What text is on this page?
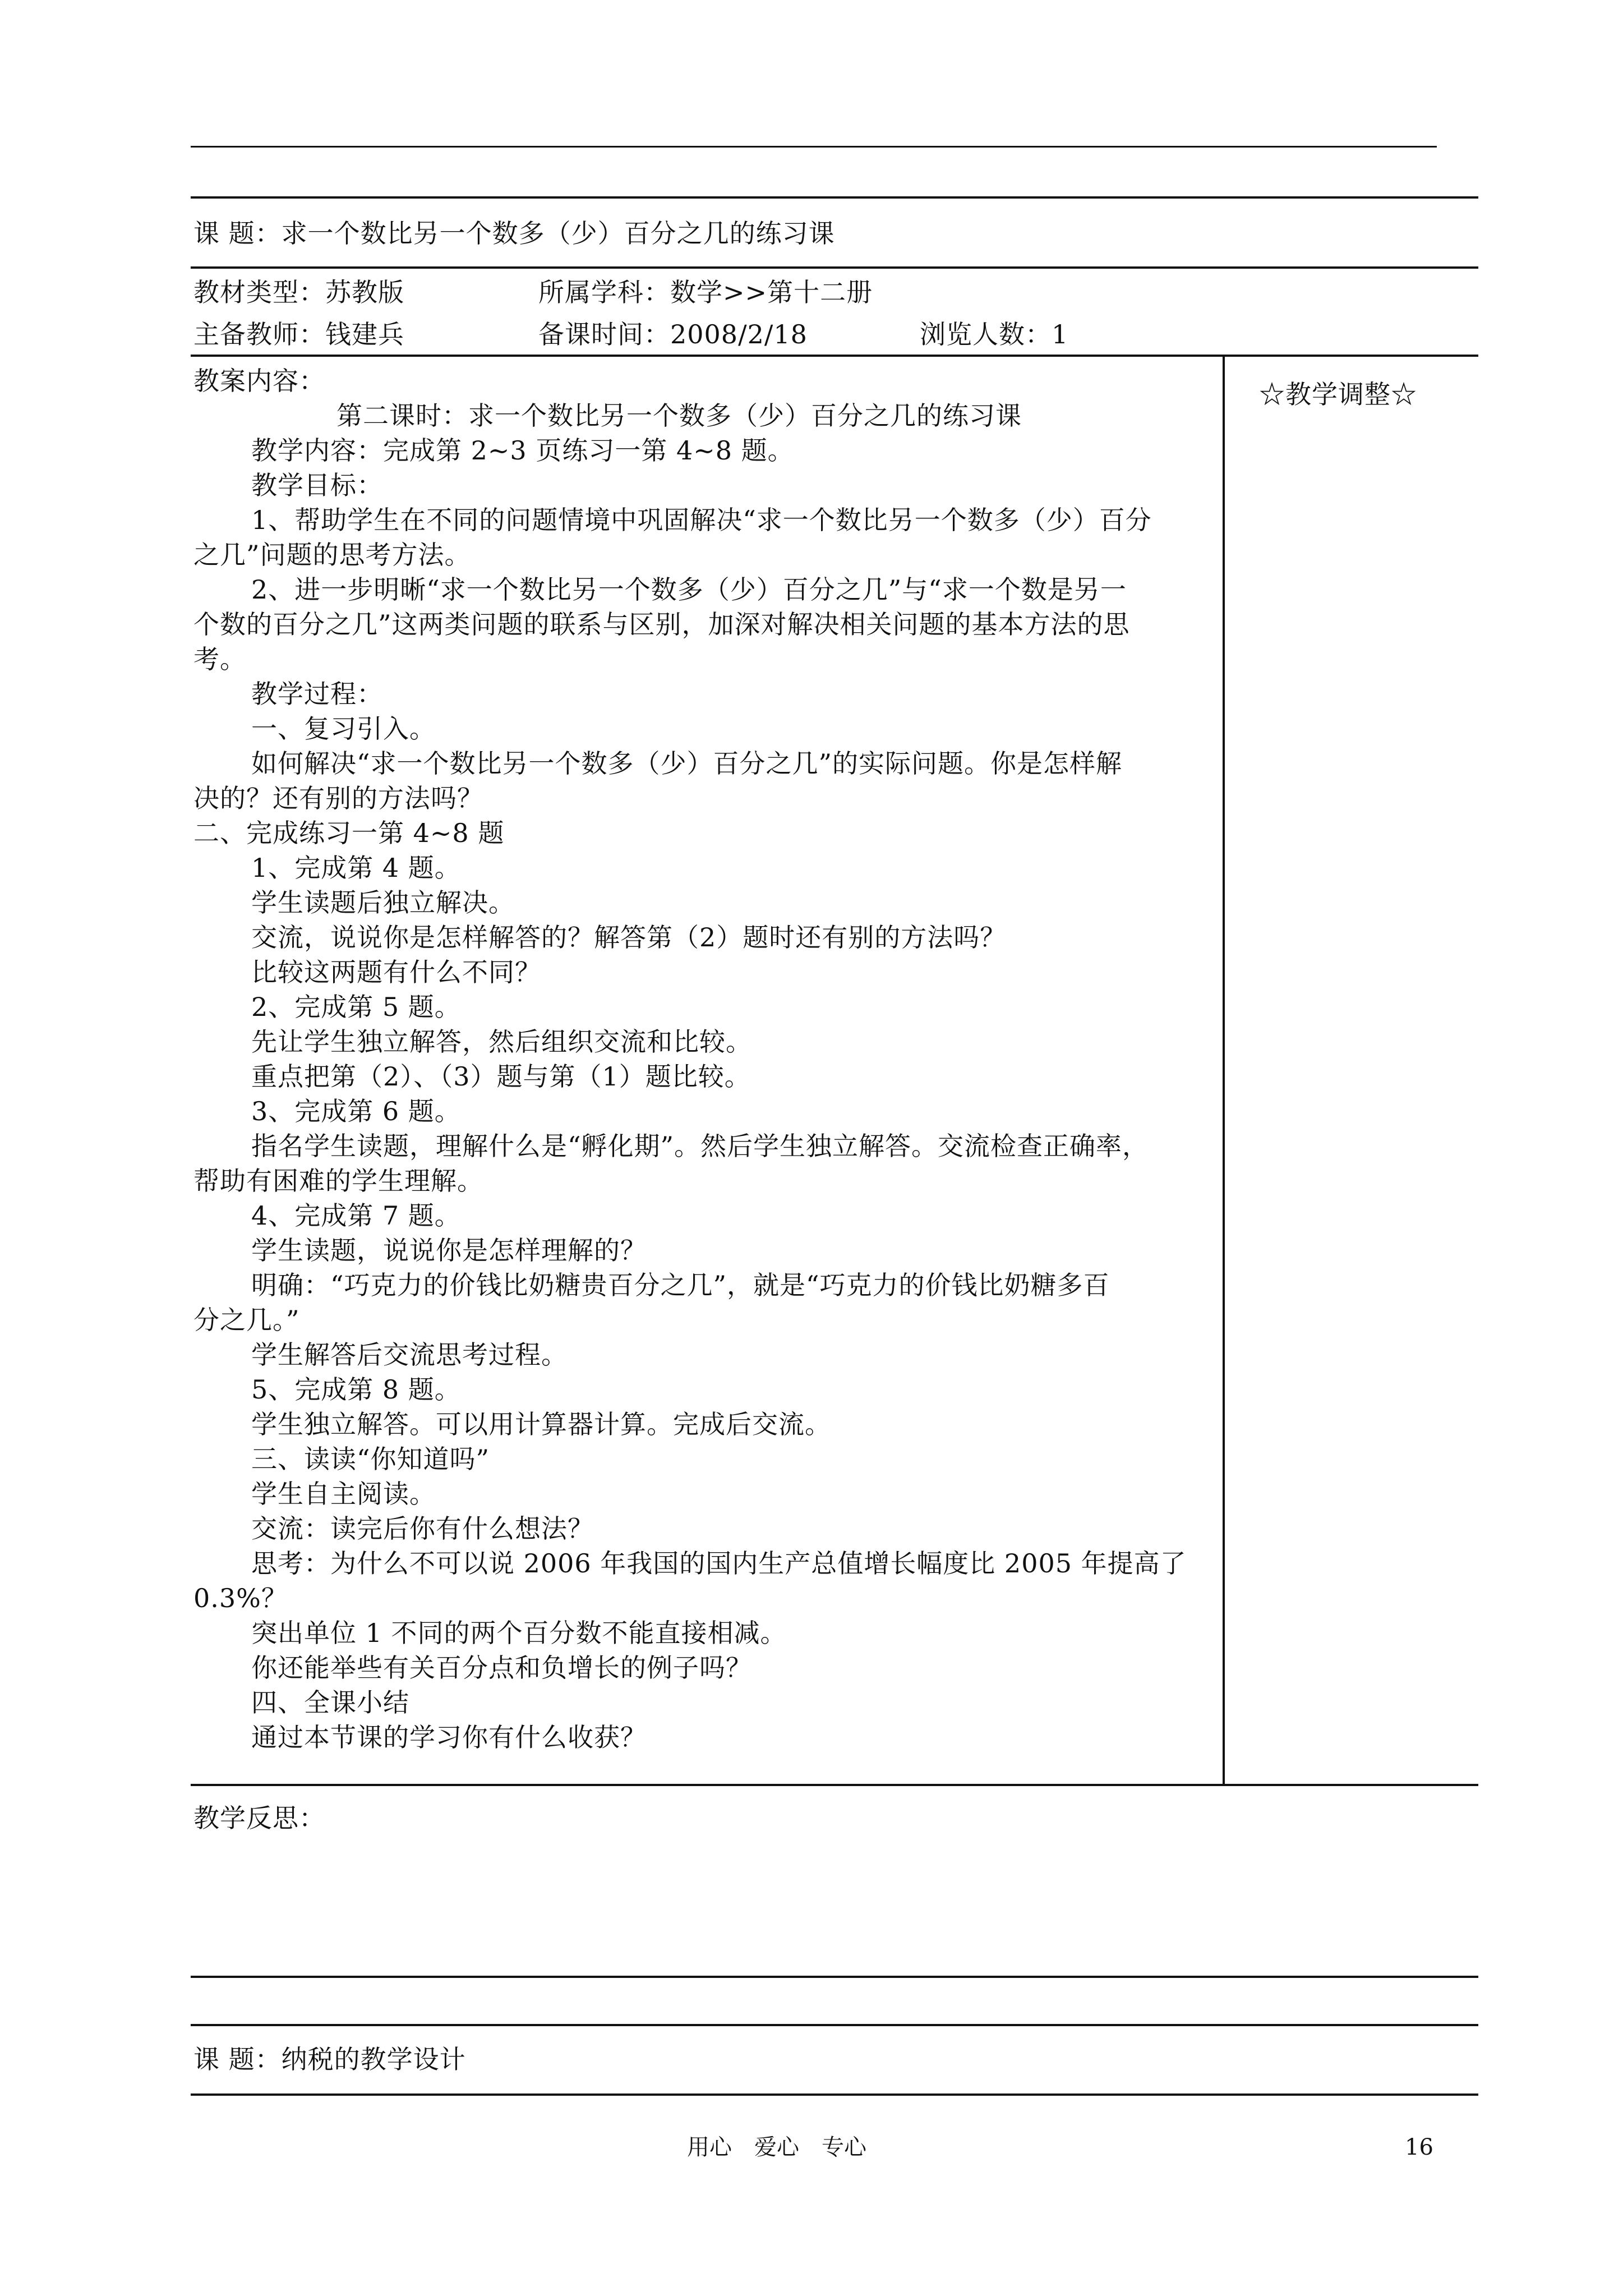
课 题：求一个数比另一个数多（少）百分之几的练习课
教材类型：苏教版	所属学科：数学>>第十二册
主备教师：钱建兵	备课时间：2008/2/18	浏览人数：1
教案内容：	☆教学调整☆
第二课时：求一个数比另一个数多（少）百分之几的练习课
教学内容：完成第 2~3 页练习一第 4~8 题。
教学目标：
1、帮助学生在不同的问题情境中巩固解决“求一个数比另一个数多（少）百分
之几”问题的思考方法。
2、进一步明晰“求一个数比另一个数多（少）百分之几”与“求一个数是另一
个数的百分之几”这两类问题的联系与区别，加深对解决相关问题的基本方法的思
考。
教学过程：
一、复习引入。
如何解决“求一个数比另一个数多（少）百分之几”的实际问题。你是怎样解
决的？还有别的方法吗？
二、完成练习一第 4~8 题
1、完成第 4 题。
学生读题后独立解决。
交流，说说你是怎样解答的？解答第（2）题时还有别的方法吗？
比较这两题有什么不同？
2、完成第 5 题。
先让学生独立解答，然后组织交流和比较。
重点把第（2）、（3）题与第（1）题比较。
3、完成第 6 题。
指名学生读题，理解什么是“孵化期”。然后学生独立解答。交流检查正确率，
帮助有困难的学生理解。
4、完成第 7 题。
学生读题，说说你是怎样理解的？
明确：“巧克力的价钱比奶糖贵百分之几”，就是“巧克力的价钱比奶糖多百
分之几。”
学生解答后交流思考过程。
5、完成第 8 题。
学生独立解答。可以用计算器计算。完成后交流。
三、读读“你知道吗”
学生自主阅读。
交流：读完后你有什么想法？
思考：为什么不可以说 2006 年我国的国内生产总值增长幅度比 2005 年提高了
0.3%？
突出单位 1 不同的两个百分数不能直接相减。
你还能举些有关百分点和负增长的例子吗？
四、全课小结
通过本节课的学习你有什么收获？
教学反思：
课 题：纳税的教学设计
用心　爱心　专心	16
